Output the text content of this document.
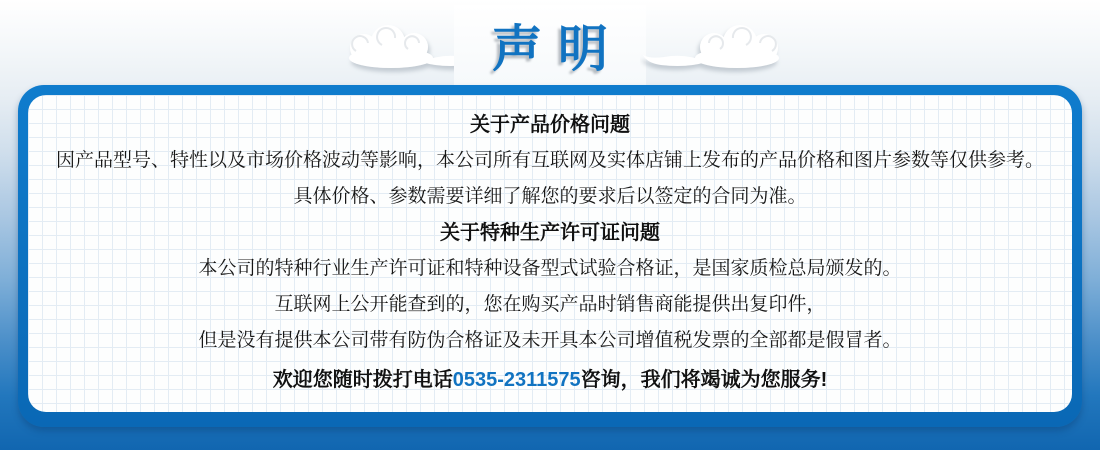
声明
关于产品价格问题

因产品型号、特性以及市场价格波动等影响，本公司所有互联网及实体店铺上发布的产品价格和图片参数等仅供参考。

具体价格、参数需要详细了解您的要求后以签定的合同为准。

关于特种生产许可证问题

本公司的特种行业生产许可证和特种设备型式试验合格证，是国家质检总局颁发的。

互联网上公开能查到的，您在购买产品时销售商能提供出复印件，

但是没有提供本公司带有防伪合格证及未开具本公司增值税发票的全部都是假冒者。

欢迎您随时拨打电话0535-2311575咨询，我们将竭诚为您服务!
